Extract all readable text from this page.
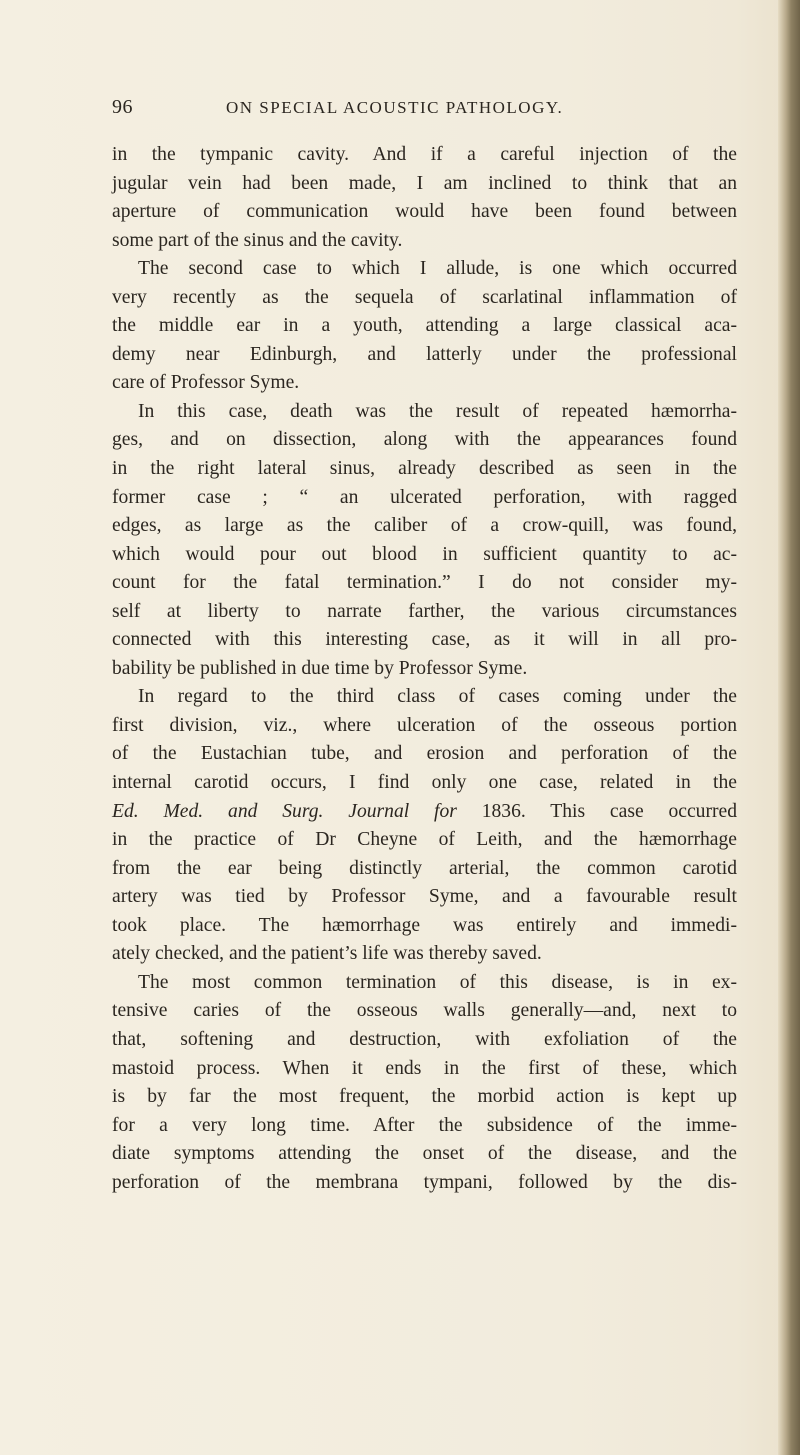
96	ON SPECIAL ACOUSTIC PATHOLOGY.
in the tympanic cavity. And if a careful injection of the
jugular vein had been made, I am inclined to think that an
aperture of communication would have been found between
some part of the sinus and the cavity.
The second case to which I allude, is one which occurred
very recently as the sequela of scarlatinal inflammation of
the middle ear in a youth, attending a large classical aca-
demy near Edinburgh, and latterly under the professional
care of Professor Syme.
In this case, death was the result of repeated hæmorrha-
ges, and on dissection, along with the appearances found
in the right lateral sinus, already described as seen in the
former case ; “ an ulcerated perforation, with ragged
edges, as large as the caliber of a crow-quill, was found,
which would pour out blood in sufficient quantity to ac-
count for the fatal termination.” I do not consider my-
self at liberty to narrate farther, the various circumstances
connected with this interesting case, as it will in all pro-
bability be published in due time by Professor Syme.
In regard to the third class of cases coming under the
first division, viz., where ulceration of the osseous portion
of the Eustachian tube, and erosion and perforation of the
internal carotid occurs, I find only one case, related in the
Ed. Med. and Surg. Journal for 1836. This case occurred
in the practice of Dr Cheyne of Leith, and the hæmorrhage
from the ear being distinctly arterial, the common carotid
artery was tied by Professor Syme, and a favourable result
took place. The hæmorrhage was entirely and immedi-
ately checked, and the patient’s life was thereby saved.
The most common termination of this disease, is in ex-
tensive caries of the osseous walls generally—and, next to
that, softening and destruction, with exfoliation of the
mastoid process. When it ends in the first of these, which
is by far the most frequent, the morbid action is kept up
for a very long time. After the subsidence of the imme-
diate symptoms attending the onset of the disease, and the
perforation of the membrana tympani, followed by the dis-
